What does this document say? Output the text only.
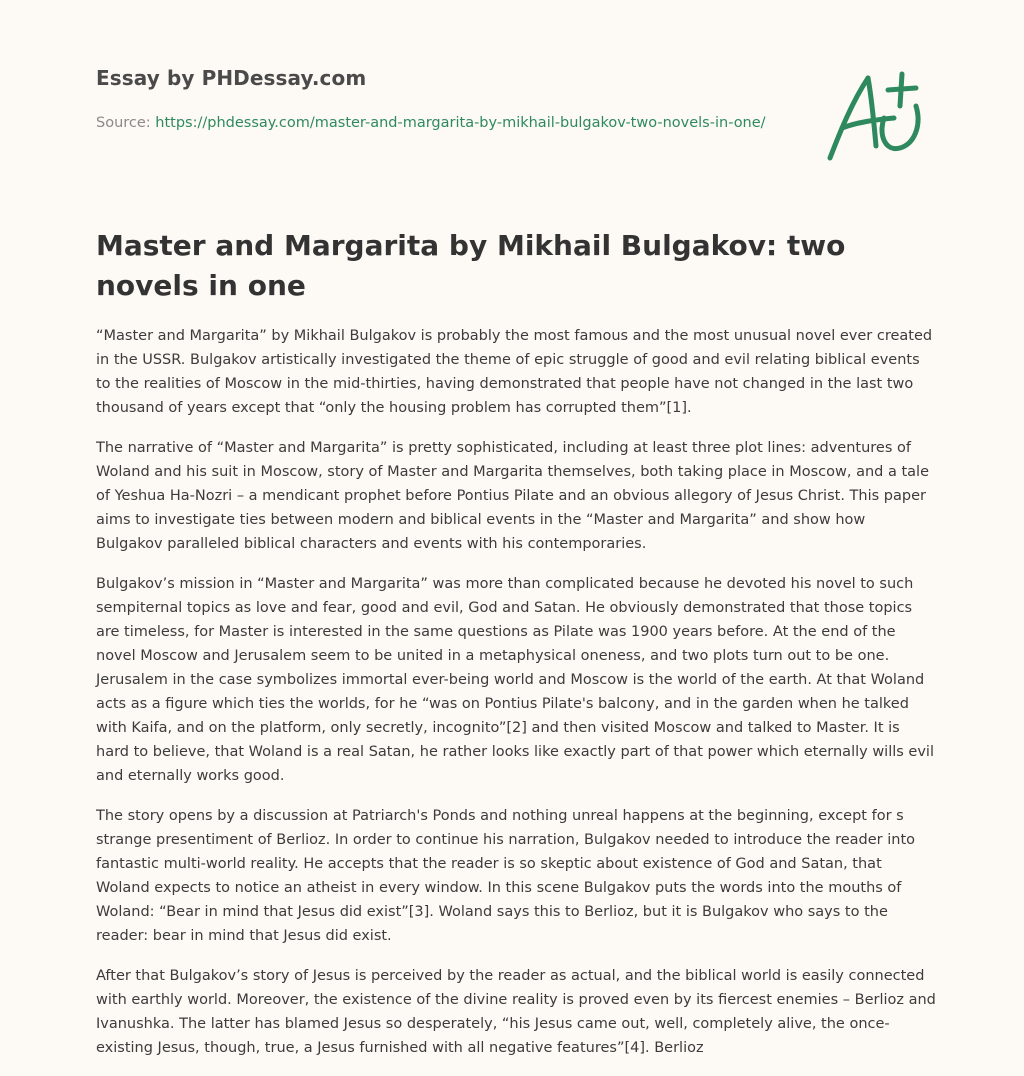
Essay by PHDessay.com
Source: https://phdessay.com/master-and-margarita-by-mikhail-bulgakov-two-novels-in-one/
Master and Margarita by Mikhail Bulgakov: two novels in one

“Master and Margarita” by Mikhail Bulgakov is probably the most famous and the most unusual novel ever created in the USSR. Bulgakov artistically investigated the theme of epic struggle of good and evil relating biblical events to the realities of Moscow in the mid-thirties, having demonstrated that people have not changed in the last two thousand of years except that “only the housing problem has corrupted them”[1].

The narrative of “Master and Margarita” is pretty sophisticated, including at least three plot lines: adventures of Woland and his suit in Moscow, story of Master and Margarita themselves, both taking place in Moscow, and a tale of Yeshua Ha-Nozri – a mendicant prophet before Pontius Pilate and an obvious allegory of Jesus Christ. This paper aims to investigate ties between modern and biblical events in the “Master and Margarita” and show how Bulgakov paralleled biblical characters and events with his contemporaries.

Bulgakov’s mission in “Master and Margarita” was more than complicated because he devoted his novel to such sempiternal topics as love and fear, good and evil, God and Satan. He obviously demonstrated that those topics are timeless, for Master is interested in the same questions as Pilate was 1900 years before. At the end of the novel Moscow and Jerusalem seem to be united in a metaphysical oneness, and two plots turn out to be one. Jerusalem in the case symbolizes immortal ever-being world and Moscow is the world of the earth. At that Woland acts as a figure which ties the worlds, for he “was on Pontius Pilate's balcony, and in the garden when he talked with Kaifa, and on the platform, only secretly, incognito”[2] and then visited Moscow and talked to Master. It is hard to believe, that Woland is a real Satan, he rather looks like exactly part of that power which eternally wills evil and eternally works good.

The story opens by a discussion at Patriarch's Ponds and nothing unreal happens at the beginning, except for s strange presentiment of Berlioz. In order to continue his narration, Bulgakov needed to introduce the reader into fantastic multi-world reality. He accepts that the reader is so skeptic about existence of God and Satan, that Woland expects to notice an atheist in every window. In this scene Bulgakov puts the words into the mouths of Woland: “Bear in mind that Jesus did exist”[3]. Woland says this to Berlioz, but it is Bulgakov who says to the reader: bear in mind that Jesus did exist.

After that Bulgakov’s story of Jesus is perceived by the reader as actual, and the biblical world is easily connected with earthly world. Moreover, the existence of the divine reality is proved even by its fiercest enemies – Berlioz and Ivanushka. The latter has blamed Jesus so desperately, “his Jesus came out, well, completely alive, the once-existing Jesus, though, true, a Jesus furnished with all negative features”[4]. Berlioz
